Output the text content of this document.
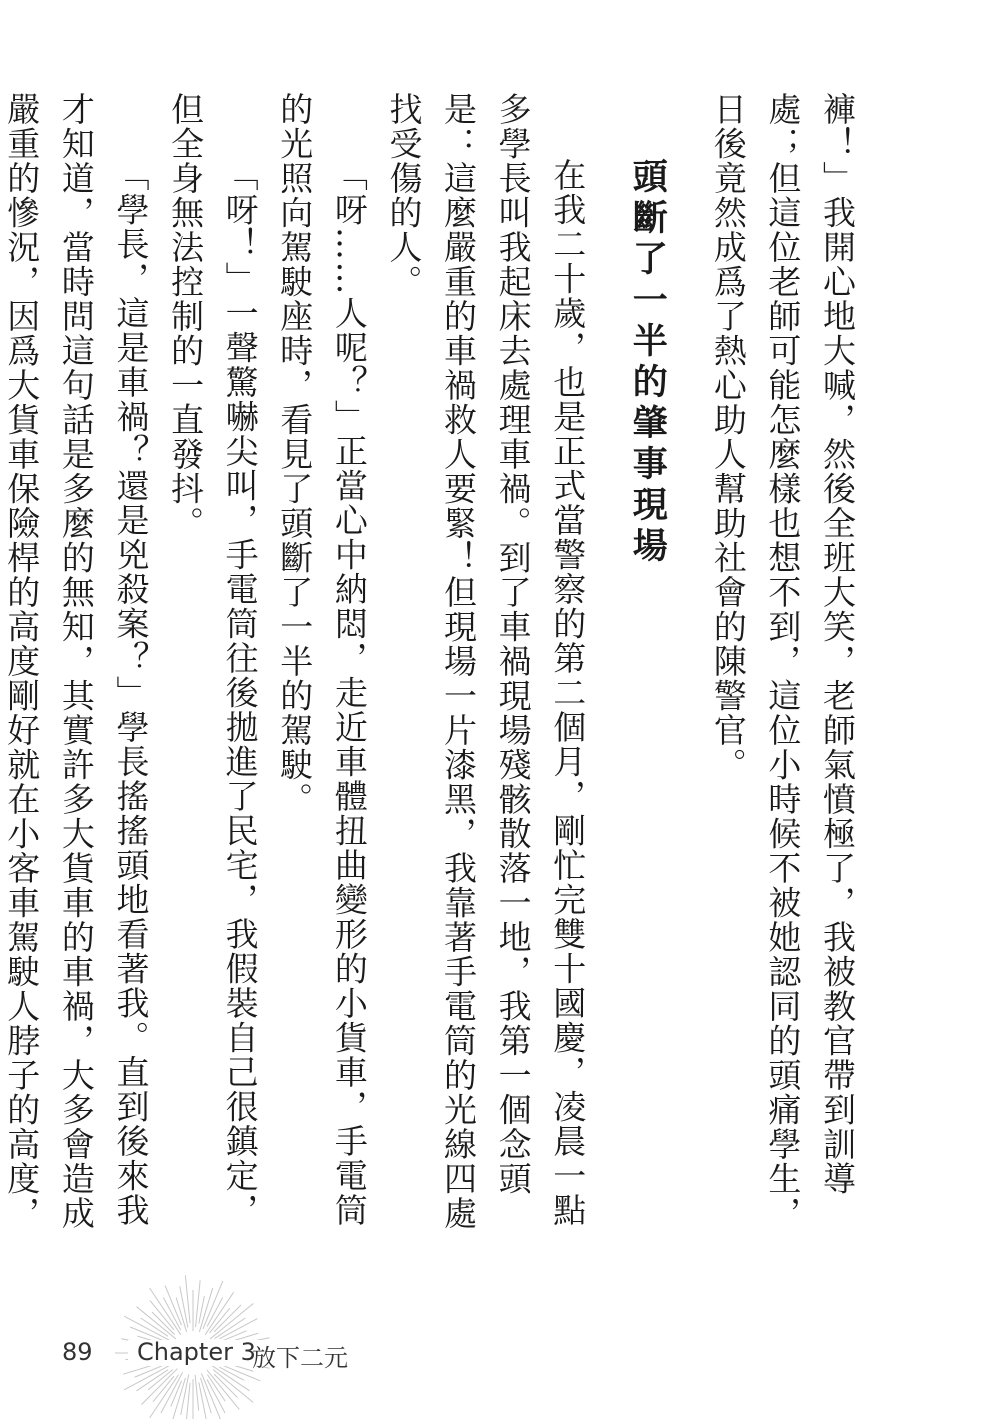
褲！」我開心地大喊，然後全班大笑，老師氣憤極了，我被教官帶到訓導處；但這位老師可能怎麼樣也想不到，這位小時候不被她認同的頭痛學生，日後竟然成爲了熱心助人幫助社會的陳警官。

頭斷了一半的肇事現場

在我二十歲，也是正式當警察的第二個月，剛忙完雙十國慶，凌晨一點多學長叫我起床去處理車禍。到了車禍現場殘骸散落一地，我第一個念頭是：這麼嚴重的車禍救人要緊！但現場一片漆黑，我靠著手電筒的光線四處找受傷的人。

「呀……人呢？」正當心中納悶，走近車體扭曲變形的小貨車，手電筒的光照向駕駛座時，看見了頭斷了一半的駕駛。

「呀！」一聲驚嚇尖叫，手電筒往後拋進了民宅，我假裝自己很鎮定，但全身無法控制的一直發抖。

「學長，這是車禍？還是兇殺案？」學長搖搖頭地看著我。直到後來我才知道，當時問這句話是多麼的無知，其實許多大貨車的車禍，大多會造成嚴重的慘況，因爲大貨車保險桿的高度剛好就在小客車駕駛人脖子的高度，

89 Chapter 3
放下二元
